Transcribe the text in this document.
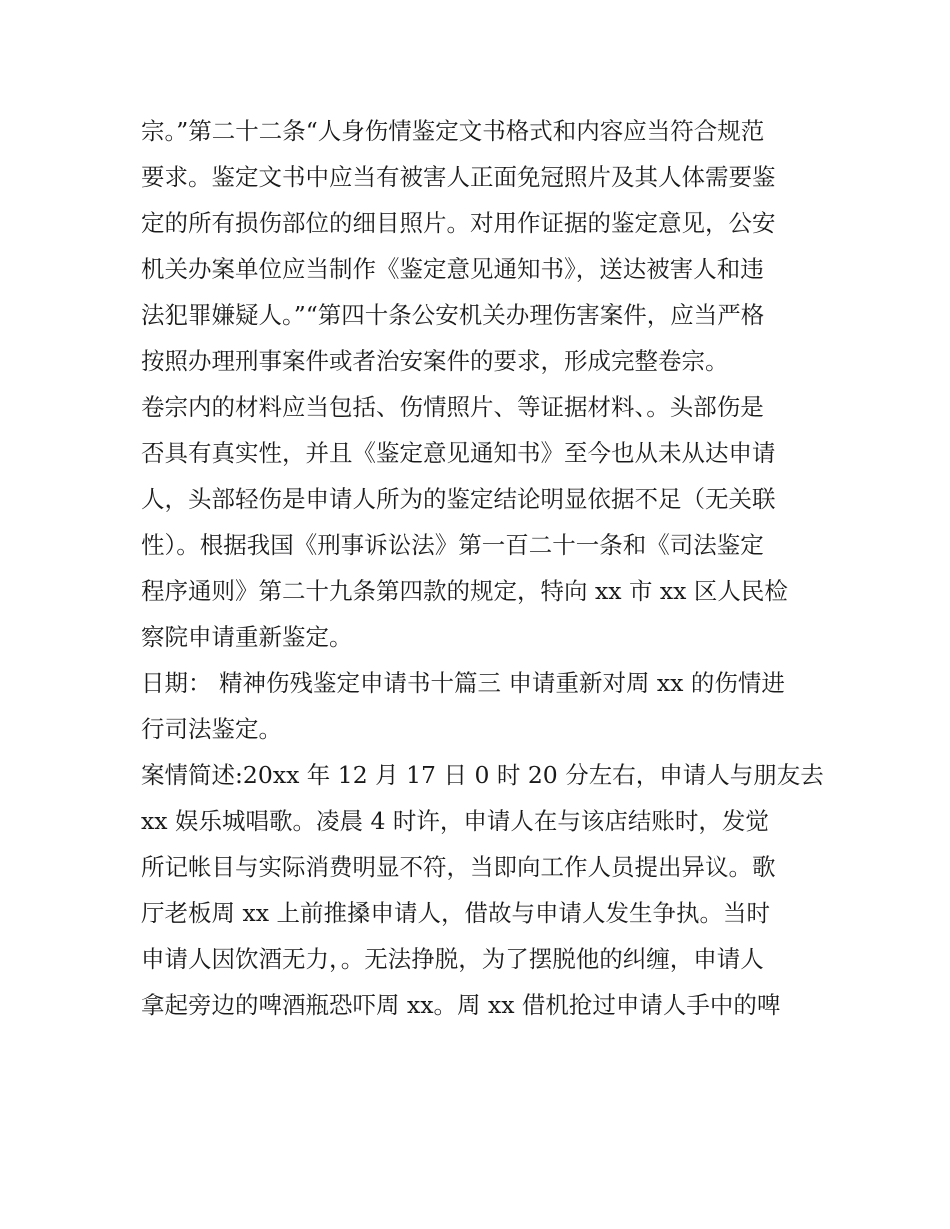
宗。”第二十二条“人身伤情鉴定文书格式和内容应当符合规范
要求。鉴定文书中应当有被害人正面免冠照片及其人体需要鉴
定的所有损伤部位的细目照片。对用作证据的鉴定意见，公安
机关办案单位应当制作《鉴定意见通知书》，送达被害人和违
法犯罪嫌疑人。”“第四十条公安机关办理伤害案件，应当严格
按照办理刑事案件或者治安案件的要求，形成完整卷宗。
卷宗内的材料应当包括、伤情照片、等证据材料、。头部伤是
否具有真实性，并且《鉴定意见通知书》至今也从未从达申请
人，头部轻伤是申请人所为的鉴定结论明显依据不足（无关联
性）。根据我国《刑事诉讼法》第一百二十一条和《司法鉴定
程序通则》第二十九条第四款的规定，特向 xx 市 xx 区人民检
察院申请重新鉴定。
日期： 精神伤残鉴定申请书十篇三 申请重新对周 xx 的伤情进
行司法鉴定。
案情简述:20xx 年 12 月 17 日 0 时 20 分左右，申请人与朋友去
xx 娱乐城唱歌。凌晨 4 时许，申请人在与该店结账时，发觉
所记帐目与实际消费明显不符，当即向工作人员提出异议。歌
厅老板周 xx 上前推搡申请人，借故与申请人发生争执。当时
申请人因饮酒无力，。无法挣脱，为了摆脱他的纠缠，申请人
拿起旁边的啤酒瓶恐吓周 xx。周 xx 借机抢过申请人手中的啤
